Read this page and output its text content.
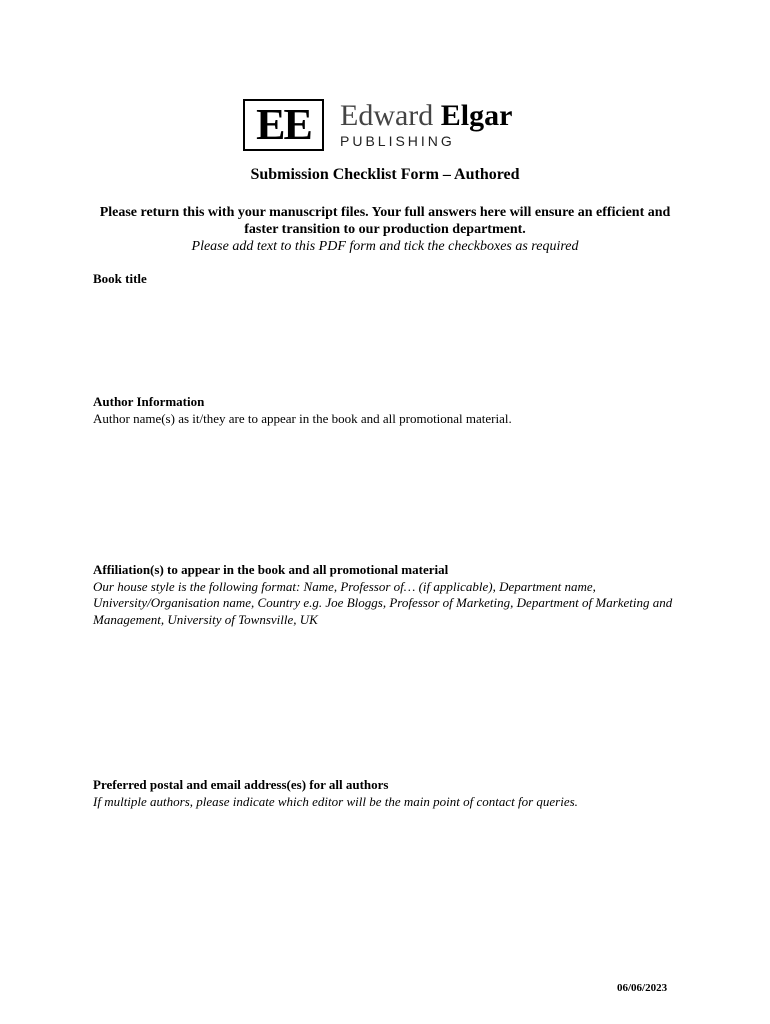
EE Edward Elgar
PUBLISHING
Submission Checklist Form – Authored
Please return this with your manuscript files. Your full answers here will ensure an efficient and faster transition to our production department.
Please add text to this PDF form and tick the checkboxes as required
Book title
Author Information
Author name(s) as it/they are to appear in the book and all promotional material.
Affiliation(s) to appear in the book and all promotional material
Our house style is the following format: Name, Professor of… (if applicable), Department name, University/Organisation name, Country e.g. Joe Bloggs, Professor of Marketing, Department of Marketing and Management, University of Townsville, UK
Preferred postal and email address(es) for all authors
If multiple authors, please indicate which editor will be the main point of contact for queries.
06/06/2023
